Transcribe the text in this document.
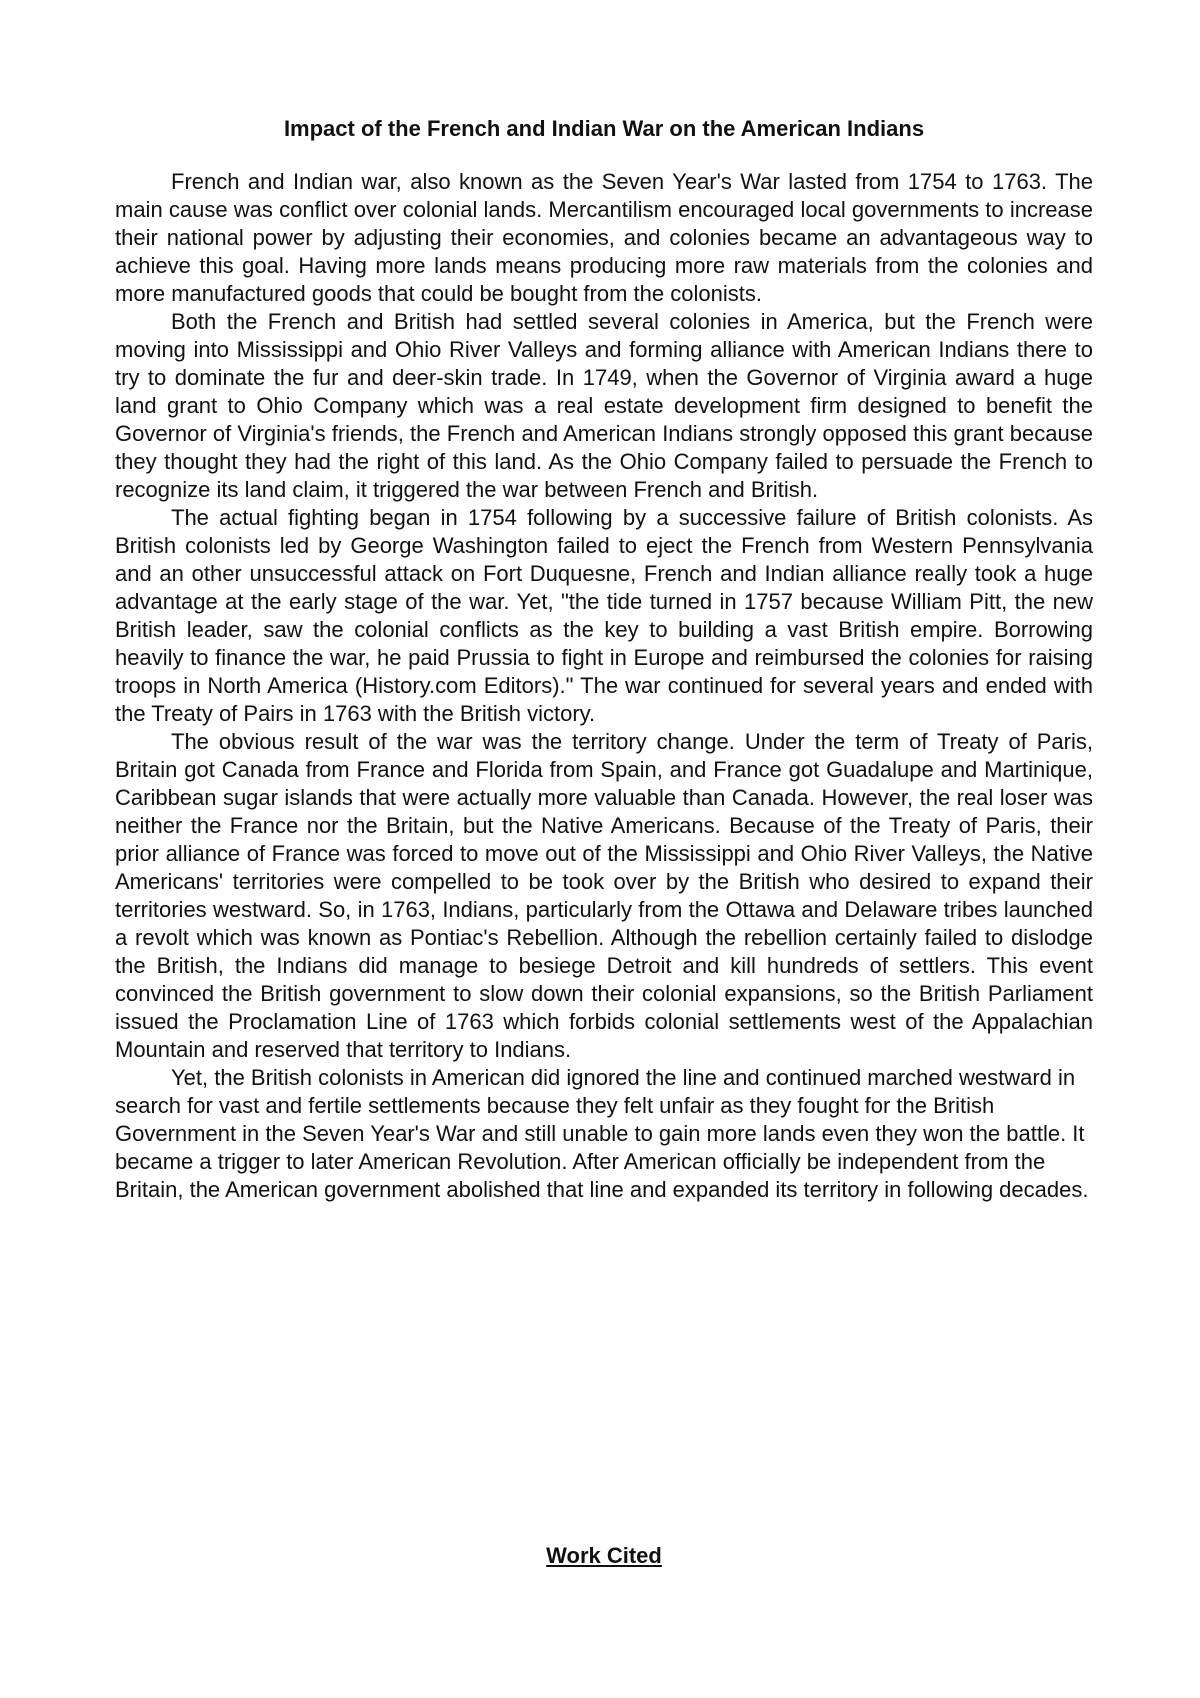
Impact of the French and Indian War on the American Indians

French and Indian war, also known as the Seven Year's War lasted from 1754 to 1763. The main cause was conflict over colonial lands. Mercantilism encouraged local governments to increase their national power by adjusting their economies, and colonies became an advantageous way to achieve this goal. Having more lands means producing more raw materials from the colonies and more manufactured goods that could be bought from the colonists.

Both the French and British had settled several colonies in America, but the French were moving into Mississippi and Ohio River Valleys and forming alliance with American Indians there to try to dominate the fur and deer-skin trade. In 1749, when the Governor of Virginia award a huge land grant to Ohio Company which was a real estate development firm designed to benefit the Governor of Virginia's friends, the French and American Indians strongly opposed this grant because they thought they had the right of this land. As the Ohio Company failed to persuade the French to recognize its land claim, it triggered the war between French and British.

The actual fighting began in 1754 following by a successive failure of British colonists. As British colonists led by George Washington failed to eject the French from Western Pennsylvania and an other unsuccessful attack on Fort Duquesne, French and Indian alliance really took a huge advantage at the early stage of the war. Yet, "the tide turned in 1757 because William Pitt, the new British leader, saw the colonial conflicts as the key to building a vast British empire. Borrowing heavily to finance the war, he paid Prussia to fight in Europe and reimbursed the colonies for raising troops in North America (History.com Editors)." The war continued for several years and ended with the Treaty of Pairs in 1763 with the British victory.

The obvious result of the war was the territory change. Under the term of Treaty of Paris, Britain got Canada from France and Florida from Spain, and France got Guadalupe and Martinique, Caribbean sugar islands that were actually more valuable than Canada. However, the real loser was neither the France nor the Britain, but the Native Americans. Because of the Treaty of Paris, their prior alliance of France was forced to move out of the Mississippi and Ohio River Valleys, the Native Americans' territories were compelled to be took over by the British who desired to expand their territories westward. So, in 1763, Indians, particularly from the Ottawa and Delaware tribes launched a revolt which was known as Pontiac's Rebellion. Although the rebellion certainly failed to dislodge the British, the Indians did manage to besiege Detroit and kill hundreds of settlers. This event convinced the British government to slow down their colonial expansions, so the British Parliament issued the Proclamation Line of 1763 which forbids colonial settlements west of the Appalachian Mountain and reserved that territory to Indians.

Yet, the British colonists in American did ignored the line and continued marched westward in search for vast and fertile settlements because they felt unfair as they fought for the British Government in the Seven Year's War and still unable to gain more lands even they won the battle. It became a trigger to later American Revolution. After American officially be independent from the Britain, the American government abolished that line and expanded its territory in following decades.

Work Cited
